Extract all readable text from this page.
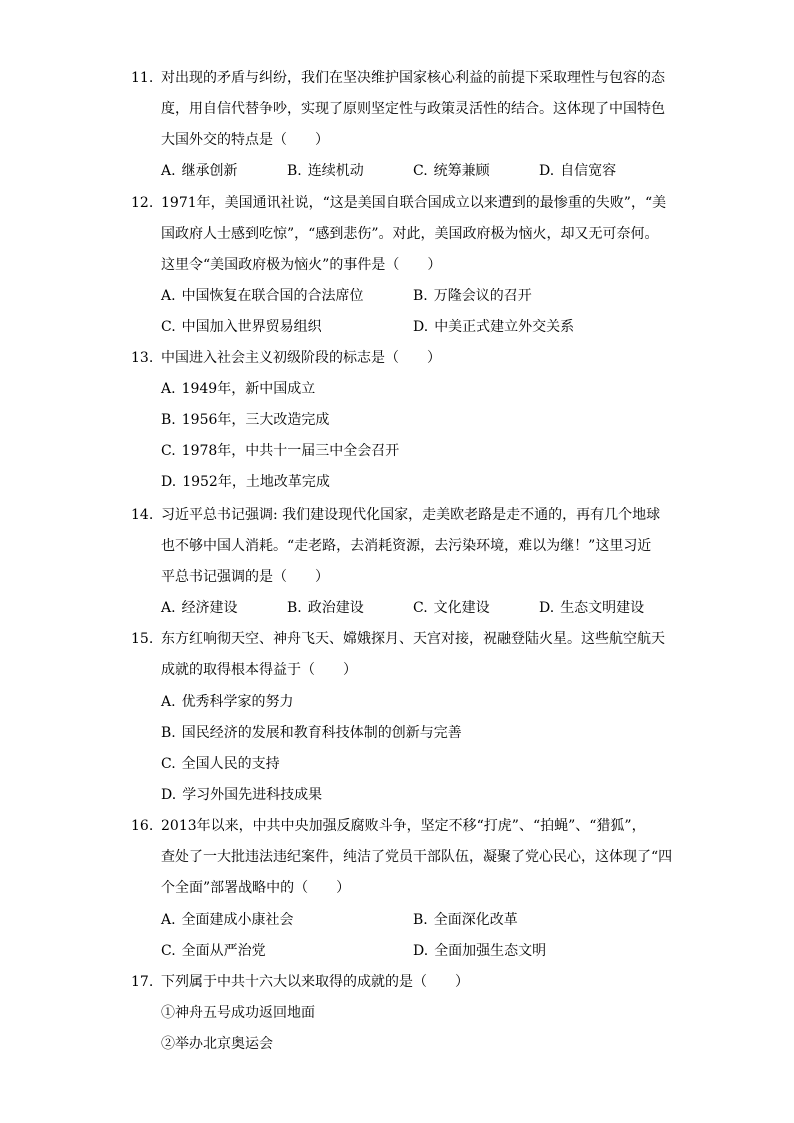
11. 对出现的矛盾与纠纷，我们在坚决维护国家核心利益的前提下采取理性与包容的态
度，用自信代替争吵，实现了原则坚定性与政策灵活性的结合。这体现了中国特色
大国外交的特点是（　　）
A. 继承创新	B. 连续机动	C. 统筹兼顾	D. 自信宽容
12. 1971年，美国通讯社说，“这是美国自联合国成立以来遭到的最惨重的失败”，“美
国政府人士感到吃惊”，“感到悲伤”。对此，美国政府极为恼火，却又无可奈何。
这里令“美国政府极为恼火”的事件是（　　）
A. 中国恢复在联合国的合法席位	B. 万隆会议的召开
C. 中国加入世界贸易组织	D. 中美正式建立外交关系
13. 中国进入社会主义初级阶段的标志是（　　）
A. 1949年，新中国成立
B. 1956年，三大改造完成
C. 1978年，中共十一届三中全会召开
D. 1952年，土地改革完成
14. 习近平总书记强调: 我们建设现代化国家，走美欧老路是走不通的，再有几个地球
也不够中国人消耗。“走老路，去消耗资源，去污染环境，难以为继！”这里习近
平总书记强调的是（　　）
A. 经济建设	B. 政治建设	C. 文化建设	D. 生态文明建设
15. 东方红响彻天空、神舟飞天、嫦娥探月、天宫对接，祝融登陆火星。这些航空航天
成就的取得根本得益于（　　）
A. 优秀科学家的努力
B. 国民经济的发展和教育科技体制的创新与完善
C. 全国人民的支持
D. 学习外国先进科技成果
16. 2013年以来，中共中央加强反腐败斗争，坚定不移“打虎”、“拍蝇”、“猎狐”，
查处了一大批违法违纪案件，纯洁了党员干部队伍，凝聚了党心民心，这体现了“四
个全面”部署战略中的（　　）
A. 全面建成小康社会	B. 全面深化改革
C. 全面从严治党	D. 全面加强生态文明
17. 下列属于中共十六大以来取得的成就的是（　　）
①神舟五号成功返回地面
②举办北京奥运会
